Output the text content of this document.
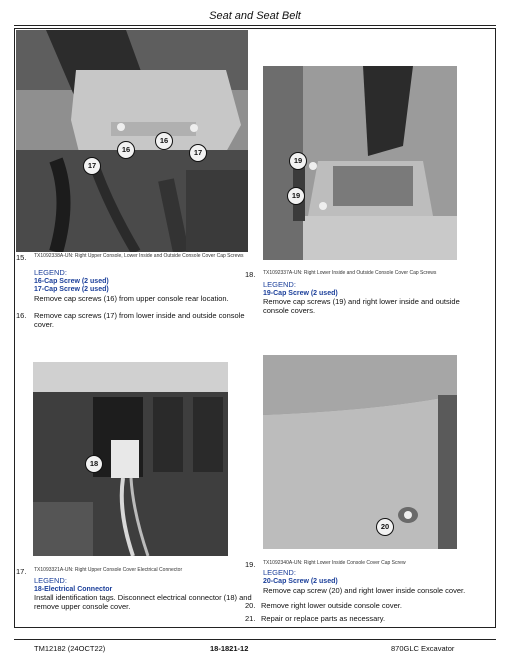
Seat and Seat Belt
16
16
17
17
19
19
18
20
15.	TX1092338A-UN: Right Upper Console, Lower Inside and Outside Console Cover Cap Screws
LEGEND:
16-Cap Screw (2 used)
17-Cap Screw (2 used)
Remove cap screws (16) from upper console rear location.
16.	Remove cap screws (17) from lower inside and outside console cover.
18.	TX1092337A-UN: Right Lower Inside and Outside Console Cover Cap Screws
LEGEND:
19-Cap Screw (2 used)
Remove cap screws (19) and right lower inside and outside console covers.
17.	TX1093321A-UN: Right Upper Console Cover Electrical Connector
LEGEND:
18-Electrical Connector
Install identification tags. Disconnect electrical connector (18) and remove upper console cover.
19.	TX1092340A-UN: Right Lower Inside Console Cover Cap Screw
LEGEND:
20-Cap Screw (2 used)
Remove cap screw (20) and right lower inside console cover.
20. Remove right lower outside console cover.
21. Repair or replace parts as necessary.
TM12182 (24OCT22)	18-1821-12	870GLC Excavator
